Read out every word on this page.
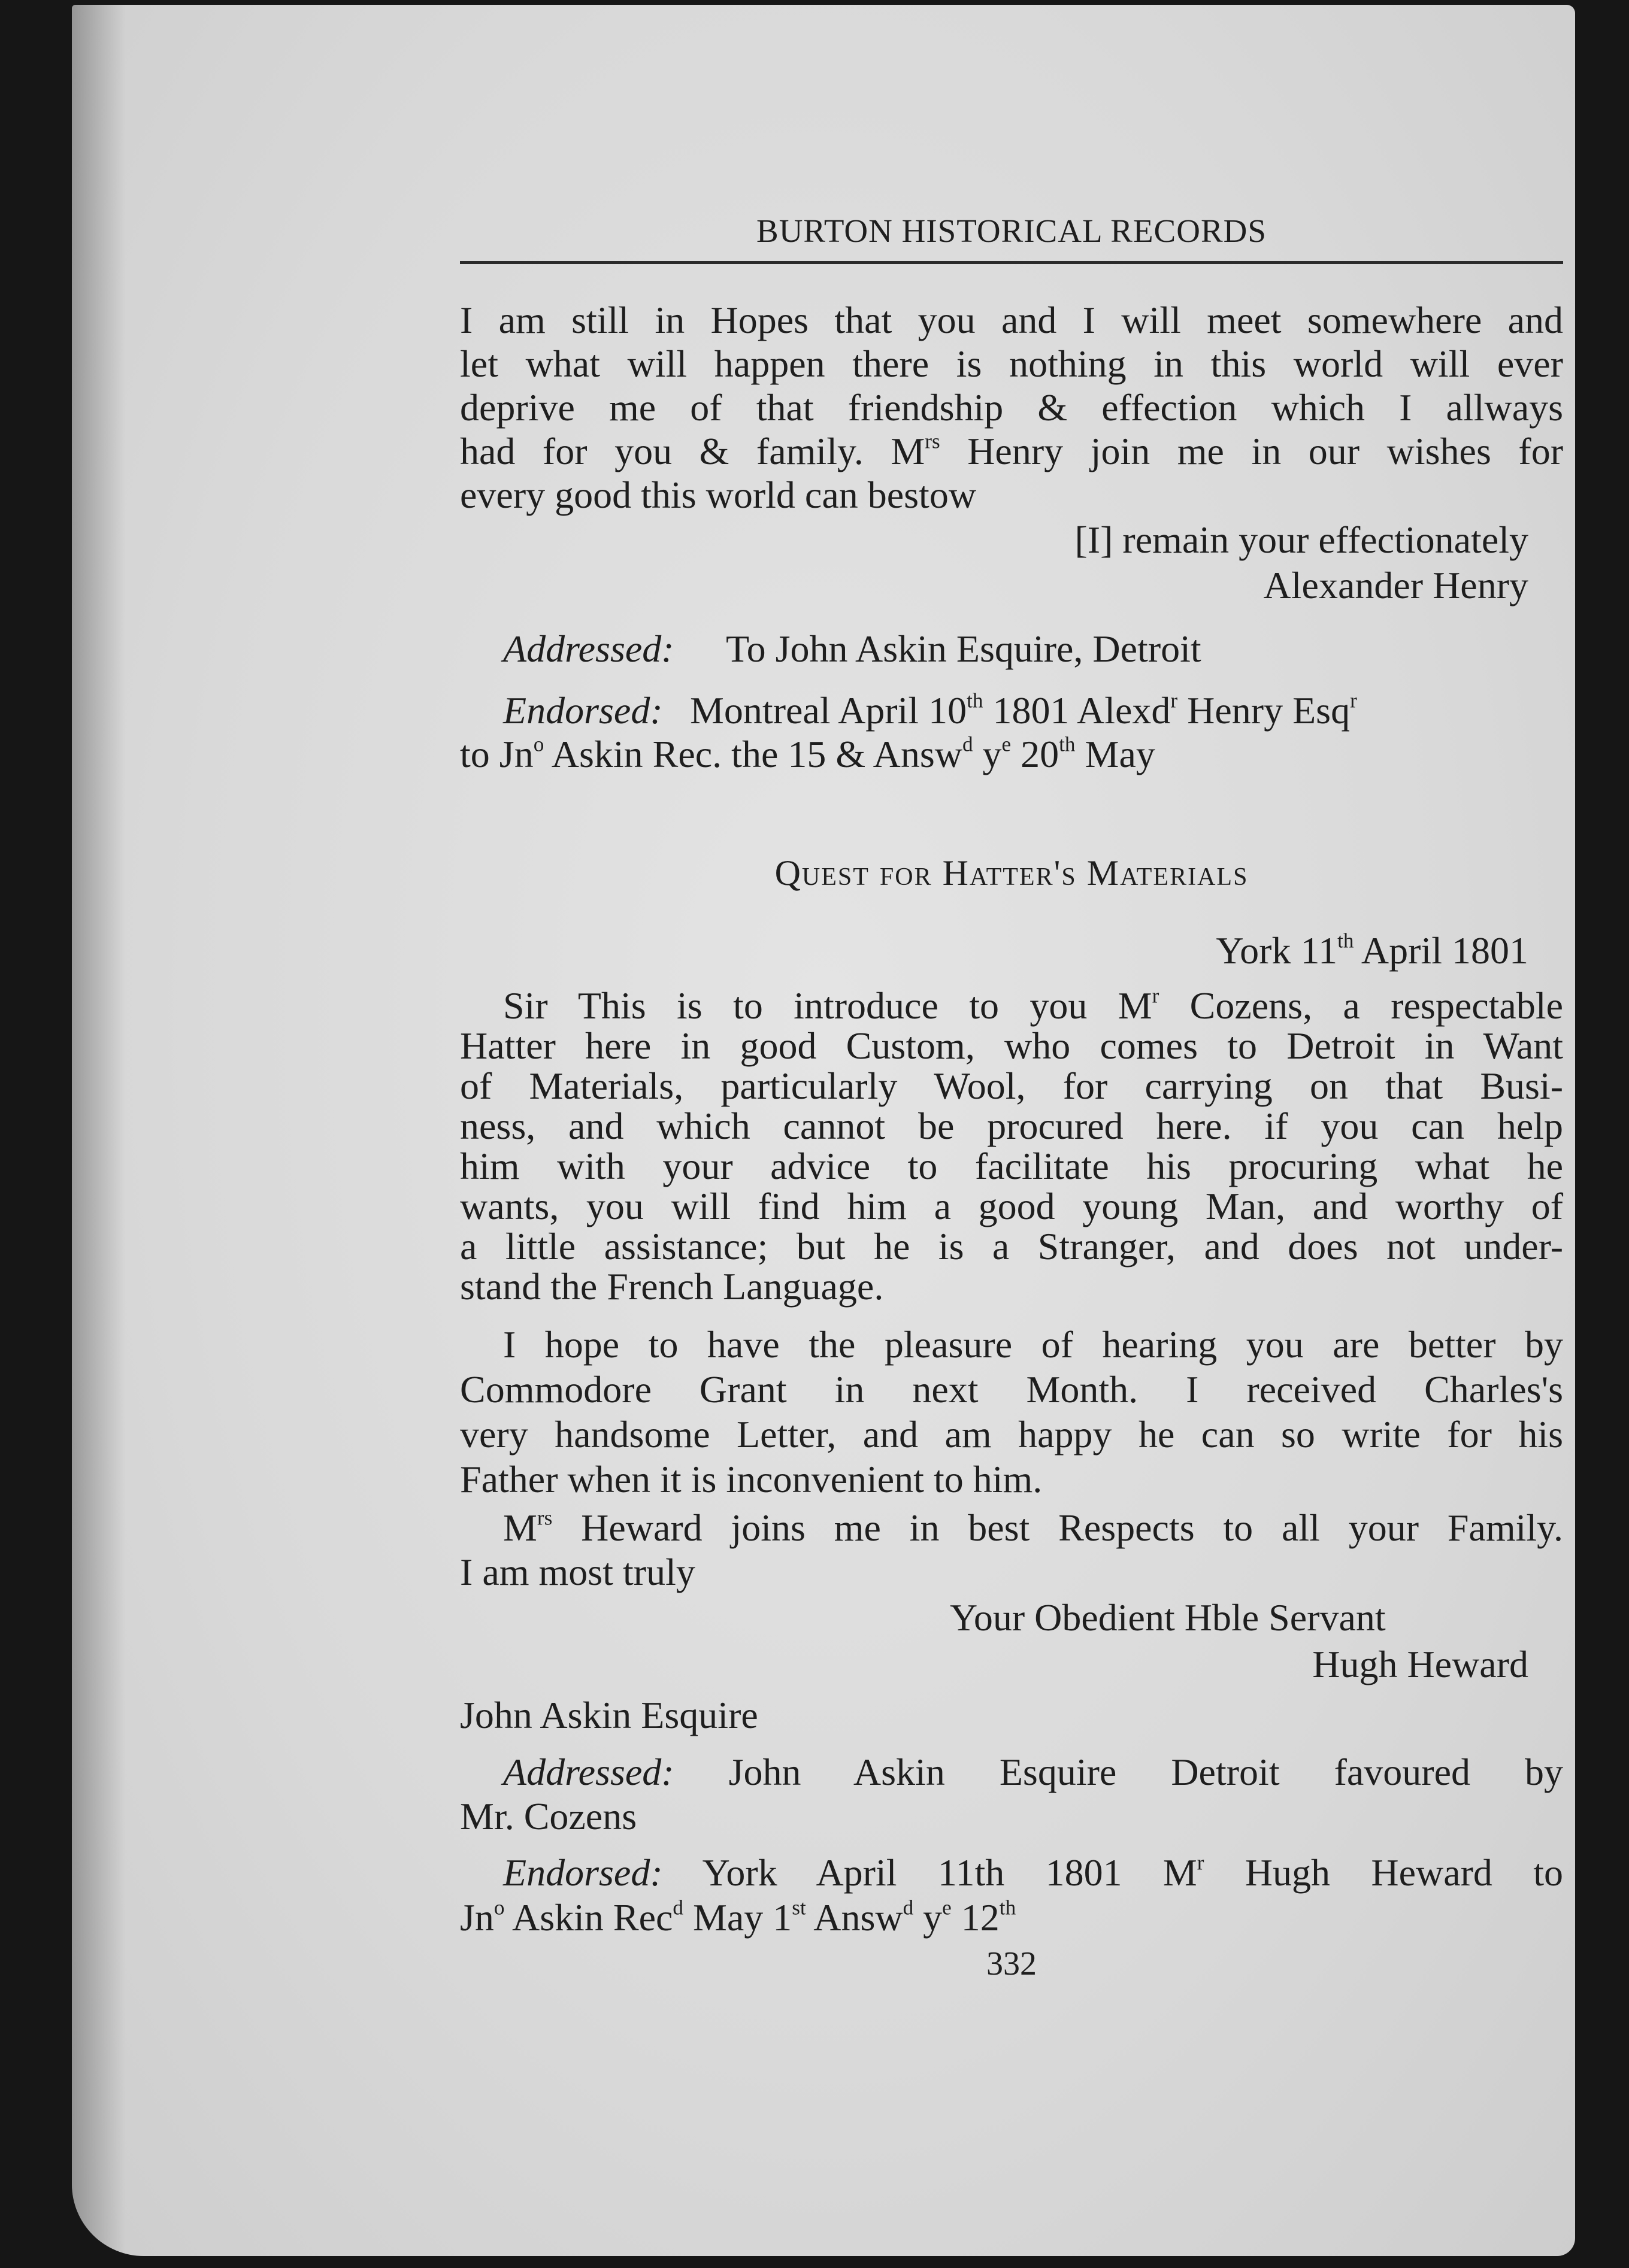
BURTON HISTORICAL RECORDS
I am still in Hopes that you and I will meet somewhere and
let what will happen there is nothing in this world will ever
deprive me of that friendship & effection which I allways
had for you & family. $M^{rs}$ Henry join me in our wishes for
every good this world can bestow
[I] remain your effectionately
Alexander Henry
Addressed: To John Askin Esquire, Detroit
Endorsed: Montreal April 10th 1801 Alexd$^r$ Henry Esq$^r$
to Jn$^o$ Askin Rec. the 15 & Answ$^d$ $y^e$ 20th May
Quest for Hatter's Materials
York 11th April 1801
Sir This is to introduce to you $M^r$ Cozens, a respectable
Hatter here in good Custom, who comes to Detroit in Want
of Materials, particularly Wool, for carrying on that Busi-
ness, and which cannot be procured here. if you can help
him with your advice to facilitate his procuring what he
wants, you will find him a good young Man, and worthy of
a little assistance; but he is a Stranger, and does not under-
stand the French Language.
I hope to have the pleasure of hearing you are better by
Commodore Grant in next Month. I received Charles's
very handsome Letter, and am happy he can so write for his
Father when it is inconvenient to him.
$M^{rs}$ Heward joins me in best Respects to all your Family.
I am most truly
Your Obedient Hble Servant
Hugh Heward
John Askin Esquire
Addressed: John Askin Esquire Detroit favoured by
Mr. Cozens
Endorsed: York April 11th 1801 $M^r$ Hugh Heward to
Jn$^o$ Askin Rec$^d$ May 1st Answ$^d$ $y^e$ 12th
332
